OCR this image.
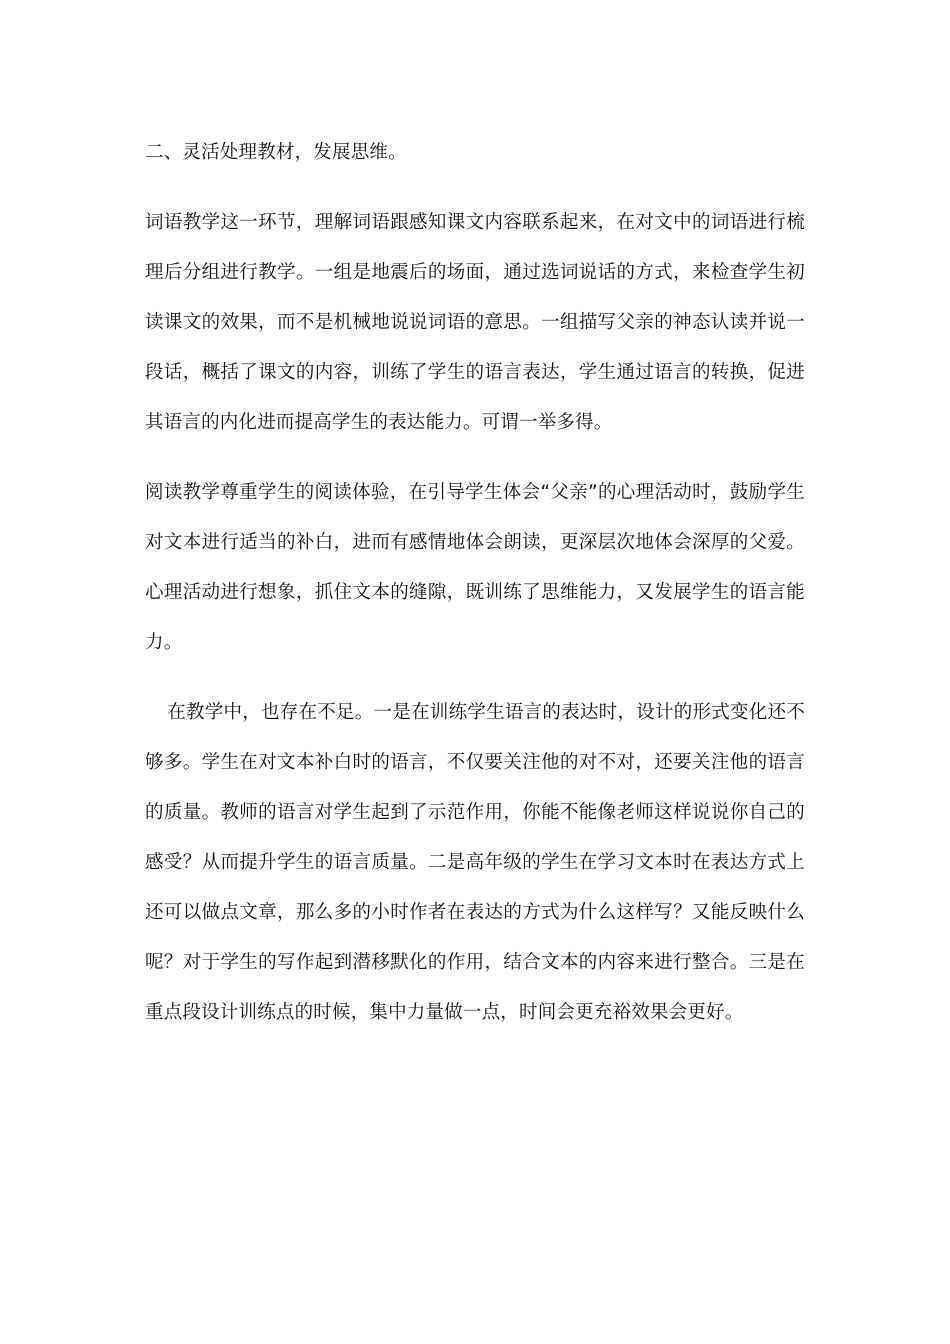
二、灵活处理教材，发展思维。

词语教学这一环节，理解词语跟感知课文内容联系起来，在对文中的词语进行梳理后分组进行教学。一组是地震后的场面，通过选词说话的方式，来检查学生初读课文的效果，而不是机械地说说词语的意思。一组描写父亲的神态认读并说一段话，概括了课文的内容，训练了学生的语言表达，学生通过语言的转换，促进其语言的内化进而提高学生的表达能力。可谓一举多得。

阅读教学尊重学生的阅读体验，在引导学生体会“父亲”的心理活动时，鼓励学生对文本进行适当的补白，进而有感情地体会朗读，更深层次地体会深厚的父爱。心理活动进行想象，抓住文本的缝隙，既训练了思维能力，又发展学生的语言能力。

在教学中，也存在不足。一是在训练学生语言的表达时，设计的形式变化还不够多。学生在对文本补白时的语言，不仅要关注他的对不对，还要关注他的语言的质量。教师的语言对学生起到了示范作用，你能不能像老师这样说说你自己的感受？从而提升学生的语言质量。二是高年级的学生在学习文本时在表达方式上还可以做点文章，那么多的小时作者在表达的方式为什么这样写？又能反映什么呢？对于学生的写作起到潜移默化的作用，结合文本的内容来进行整合。三是在重点段设计训练点的时候，集中力量做一点，时间会更充裕效果会更好。
